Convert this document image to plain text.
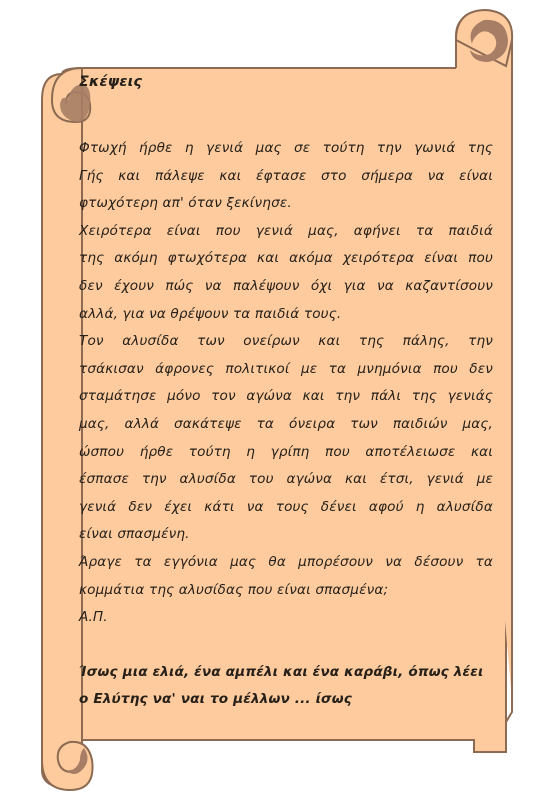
Σκέψεις
Φτωχή ήρθε η γενιά μας σε τούτη την γωνιά της
Γής και πάλεψε και έφτασε στο σήμερα να είναι
φτωχότερη απ' όταν ξεκίνησε.
Χειρότερα είναι που γενιά μας, αφήνει τα παιδιά
της ακόμη φτωχότερα και ακόμα χειρότερα είναι που
δεν έχουν πώς να παλέψουν όχι για να καζαντίσουν
αλλά, για να θρέψουν τα παιδιά τους.
Τον αλυσίδα των ονείρων και της πάλης, την
τσάκισαν άφρονες πολιτικοί με τα μνημόνια που δεν
σταμάτησε μόνο τον αγώνα και την πάλι της γενιάς
μας, αλλά σακάτεψε τα όνειρα των παιδιών μας,
ώσπου ήρθε τούτη η γρίπη που αποτέλειωσε και
έσπασε την αλυσίδα του αγώνα και έτσι, γενιά με
γενιά δεν έχει κάτι να τους δένει αφού η αλυσίδα
είναι σπασμένη.
Άραγε τα εγγόνια μας θα μπορέσουν να δέσουν τα
κομμάτια της αλυσίδας που είναι σπασμένα;
Α.Π.
Ίσως μια ελιά, ένα αμπέλι και ένα καράβι, όπως λέει
ο Ελύτης να' ναι το μέλλων ... ίσως
